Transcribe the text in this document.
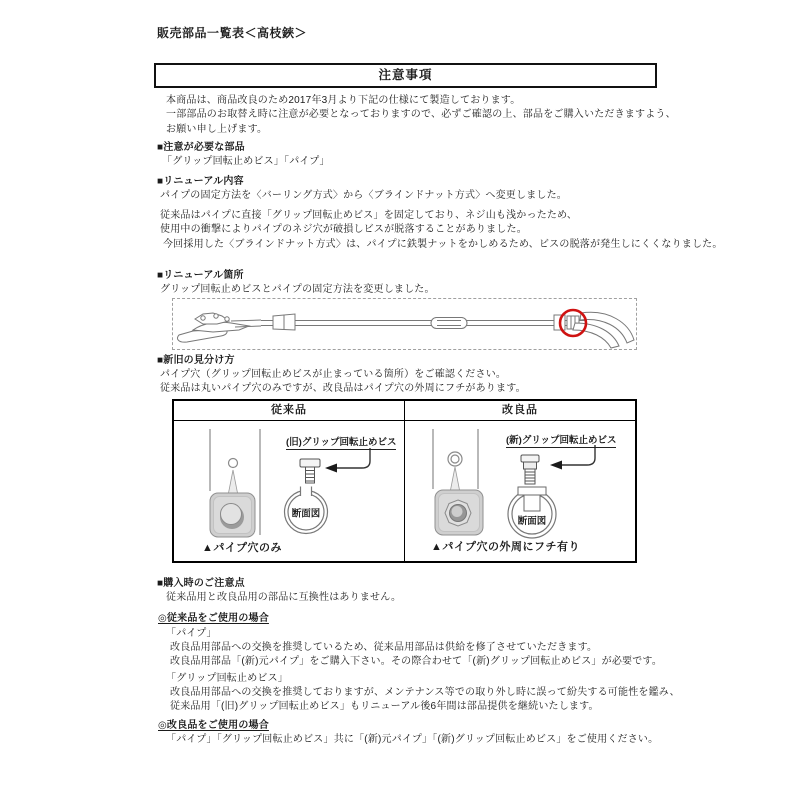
販売部品一覧表＜高枝鋏＞
注意事項
本商品は、商品改良のため2017年3月より下記の仕様にて製造しております。
一部部品のお取替え時に注意が必要となっておりますので、必ずご確認の上、部品をご購入いただきますよう、
お願い申し上げます。
■注意が必要な部品
「グリップ回転止めビス」「パイプ」
■リニューアル内容
パイプの固定方法を〈バーリング方式〉から〈ブラインドナット方式〉へ変更しました。
従来品はパイプに直接「グリップ回転止めビス」を固定しており、ネジ山も浅かったため、
使用中の衝撃によりパイプのネジ穴が破損しビスが脱落することがありました。
今回採用した〈ブラインドナット方式〉は、パイプに鉄製ナットをかしめるため、ビスの脱落が発生しにくくなりました。
■リニューアル箇所
グリップ回転止めビスとパイプの固定方法を変更しました。
■新旧の見分け方
パイプ穴（グリップ回転止めビスが止まっている箇所）をご確認ください。
従来品は丸いパイプ穴のみですが、改良品はパイプ穴の外周にフチがあります。
従来品	改良品
断面図
(旧)グリップ回転止めビス
▲パイプ穴のみ
断面図
(新)グリップ回転止めビス
▲パイプ穴の外周にフチ有り
■購入時のご注意点
従来品用と改良品用の部品に互換性はありません。
◎従来品をご使用の場合
「パイプ」
改良品用部品への交換を推奨しているため、従来品用部品は供給を修了させていただきます。
改良品用部品「(新)元パイプ」をご購入下さい。その際合わせて「(新)グリップ回転止めビス」が必要です。
「グリップ回転止めビス」
改良品用部品への交換を推奨しておりますが、メンテナンス等での取り外し時に誤って紛失する可能性を鑑み、
従来品用「(旧)グリップ回転止めビス」もリニューアル後6年間は部品提供を継続いたします。
◎改良品をご使用の場合
「パイプ」「グリップ回転止めビス」共に「(新)元パイプ」「(新)グリップ回転止めビス」をご使用ください。
